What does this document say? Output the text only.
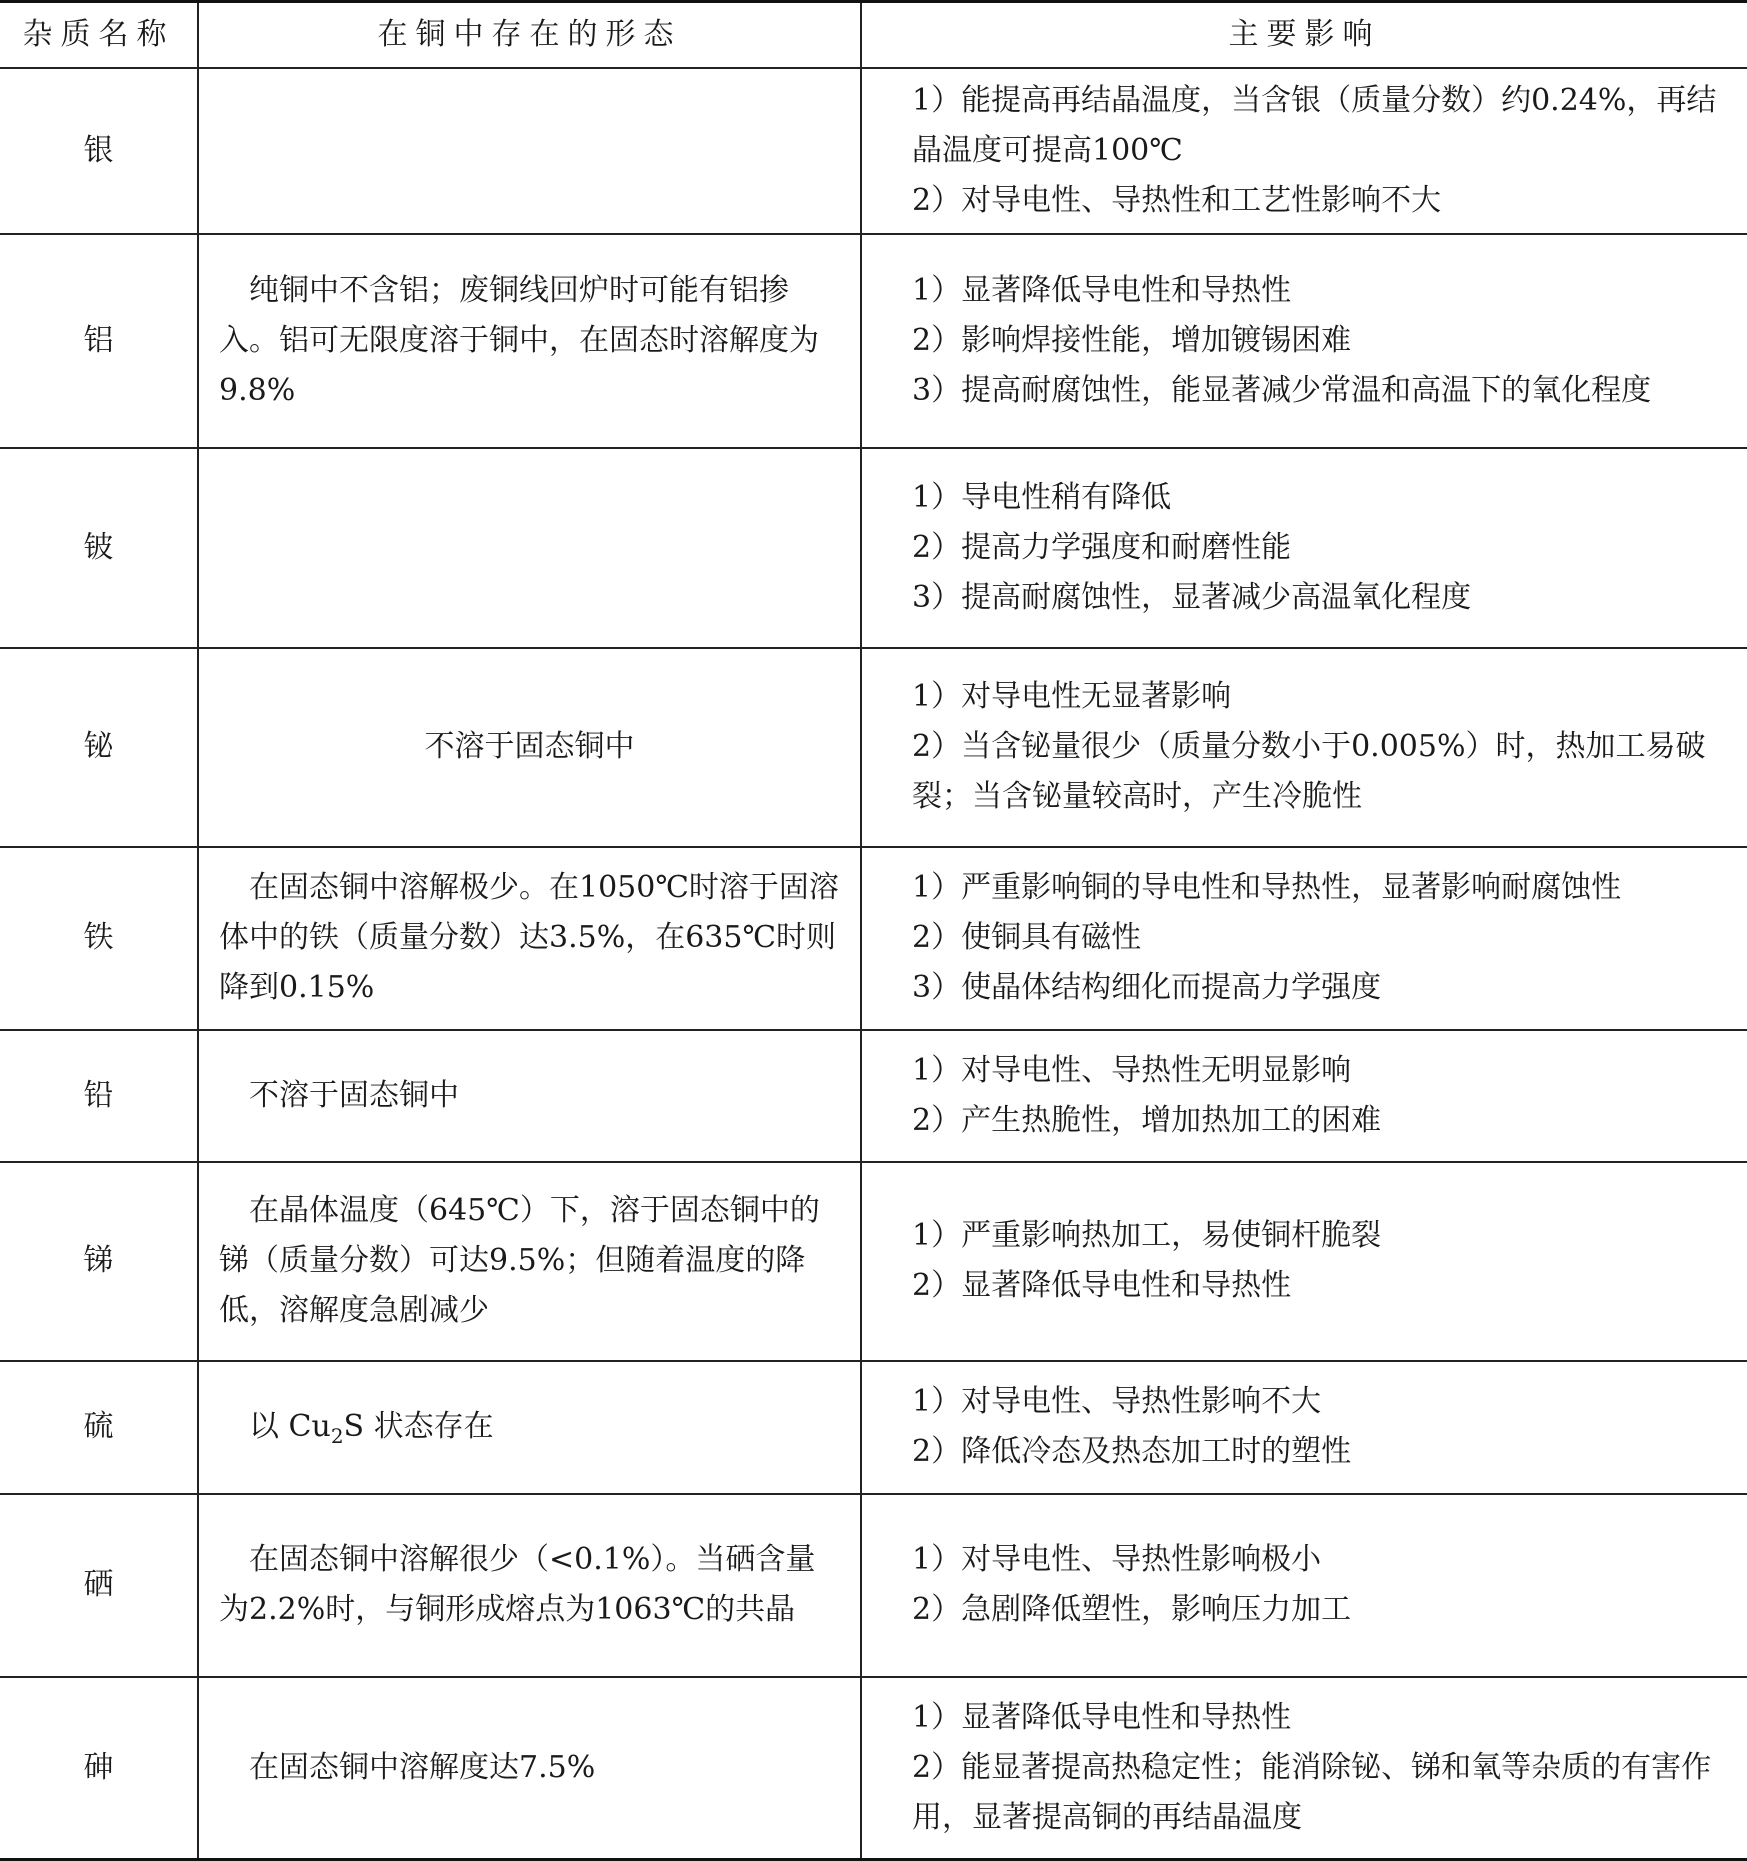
杂质名称	在铜中存在的形态	主要影响
银		1）能提高再结晶温度，当含银（质量分数）约0.24%，再结晶温度可提高100℃
2）对导电性、导热性和工艺性影响不大

铝	纯铜中不含铝；废铜线回炉时可能有铝掺入。铝可无限度溶于铜中，在固态时溶解度为9.8%	1）显著降低导电性和导热性
2）影响焊接性能，增加镀锡困难
3）提高耐腐蚀性，能显著减少常温和高温下的氧化程度

铍		1）导电性稍有降低
2）提高力学强度和耐磨性能
3）提高耐腐蚀性，显著减少高温氧化程度

铋	不溶于固态铜中	1）对导电性无显著影响
2）当含铋量很少（质量分数小于0.005%）时，热加工易破裂；当含铋量较高时，产生冷脆性

铁	在固态铜中溶解极少。在1050℃时溶于固溶体中的铁（质量分数）达3.5%，在635℃时则降到0.15%	1）严重影响铜的导电性和导热性，显著影响耐腐蚀性
2）使铜具有磁性
3）使晶体结构细化而提高力学强度

铅	不溶于固态铜中	1）对导电性、导热性无明显影响
2）产生热脆性，增加热加工的困难

锑	在晶体温度（645℃）下，溶于固态铜中的锑（质量分数）可达9.5%；但随着温度的降低，溶解度急剧减少	1）严重影响热加工，易使铜杆脆裂
2）显著降低导电性和导热性

硫	以 $Cu_2S$ 状态存在	1）对导电性、导热性影响不大
2）降低冷态及热态加工时的塑性

硒	在固态铜中溶解很少（<0.1%）。当硒含量为2.2%时，与铜形成熔点为1063℃的共晶	1）对导电性、导热性影响极小
2）急剧降低塑性，影响压力加工

砷	在固态铜中溶解度达7.5%	1）显著降低导电性和导热性
2）能显著提高热稳定性；能消除铋、锑和氧等杂质的有害作用，显著提高铜的再结晶温度
